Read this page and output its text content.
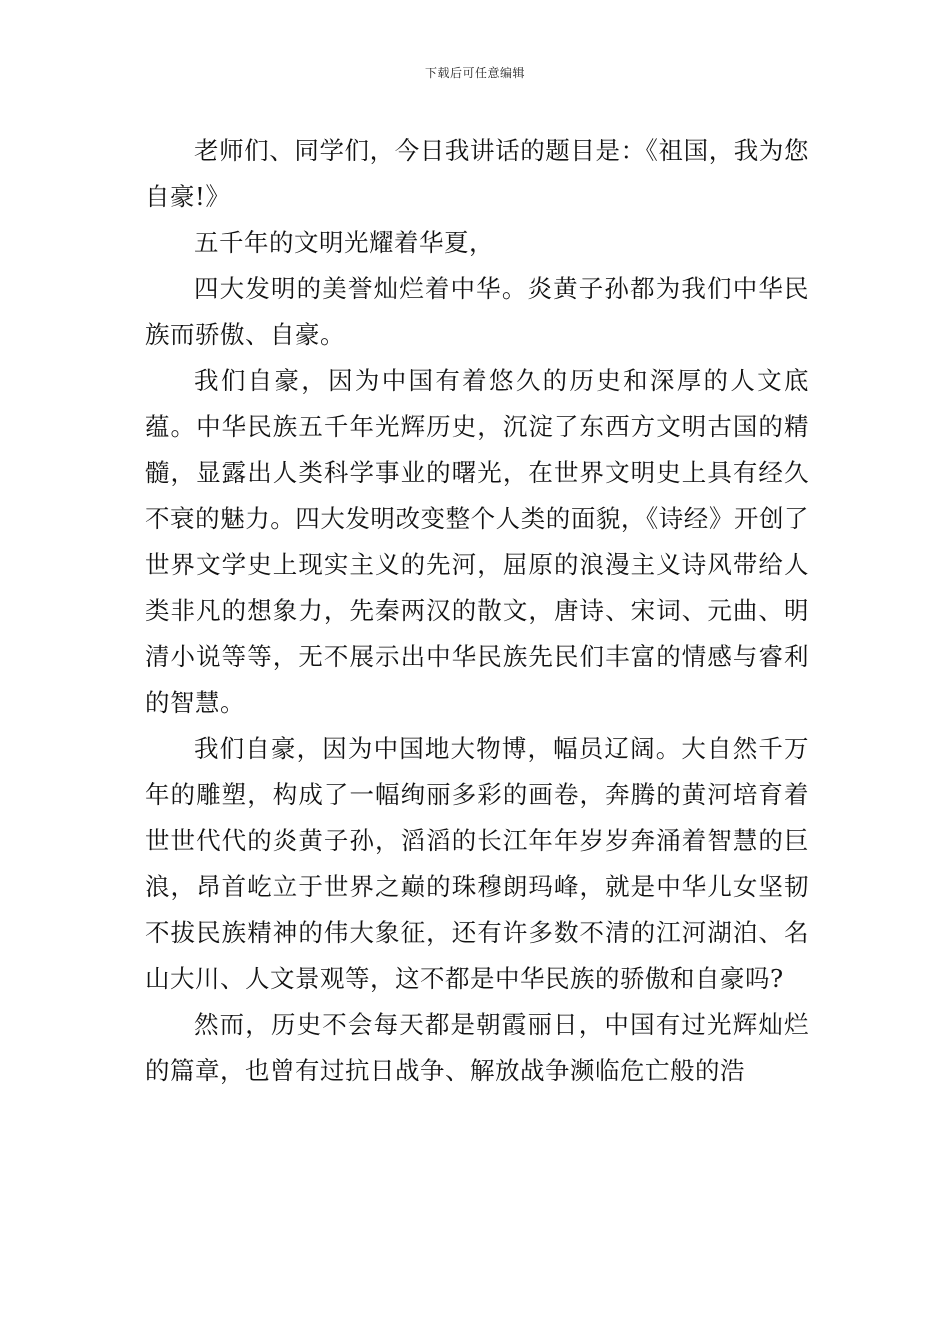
下载后可任意编辑

老师们、同学们，今日我讲话的题目是：《祖国，我为您自豪!》

五千年的文明光耀着华夏，

四大发明的美誉灿烂着中华。炎黄子孙都为我们中华民族而骄傲、自豪。

我们自豪，因为中国有着悠久的历史和深厚的人文底蕴。中华民族五千年光辉历史，沉淀了东西方文明古国的精髓，显露出人类科学事业的曙光，在世界文明史上具有经久不衰的魅力。四大发明改变整个人类的面貌，《诗经》开创了世界文学史上现实主义的先河，屈原的浪漫主义诗风带给人类非凡的想象力，先秦两汉的散文，唐诗、宋词、元曲、明清小说等等，无不展示出中华民族先民们丰富的情感与睿利的智慧。

我们自豪，因为中国地大物博，幅员辽阔。大自然千万年的雕塑，构成了一幅绚丽多彩的画卷，奔腾的黄河培育着世世代代的炎黄子孙，滔滔的长江年年岁岁奔涌着智慧的巨浪，昂首屹立于世界之巅的珠穆朗玛峰，就是中华儿女坚韧不拔民族精神的伟大象征，还有许多数不清的江河湖泊、名山大川、人文景观等，这不都是中华民族的骄傲和自豪吗?

然而，历史不会每天都是朝霞丽日，中国有过光辉灿烂的篇章，也曾有过抗日战争、解放战争濒临危亡般的浩
